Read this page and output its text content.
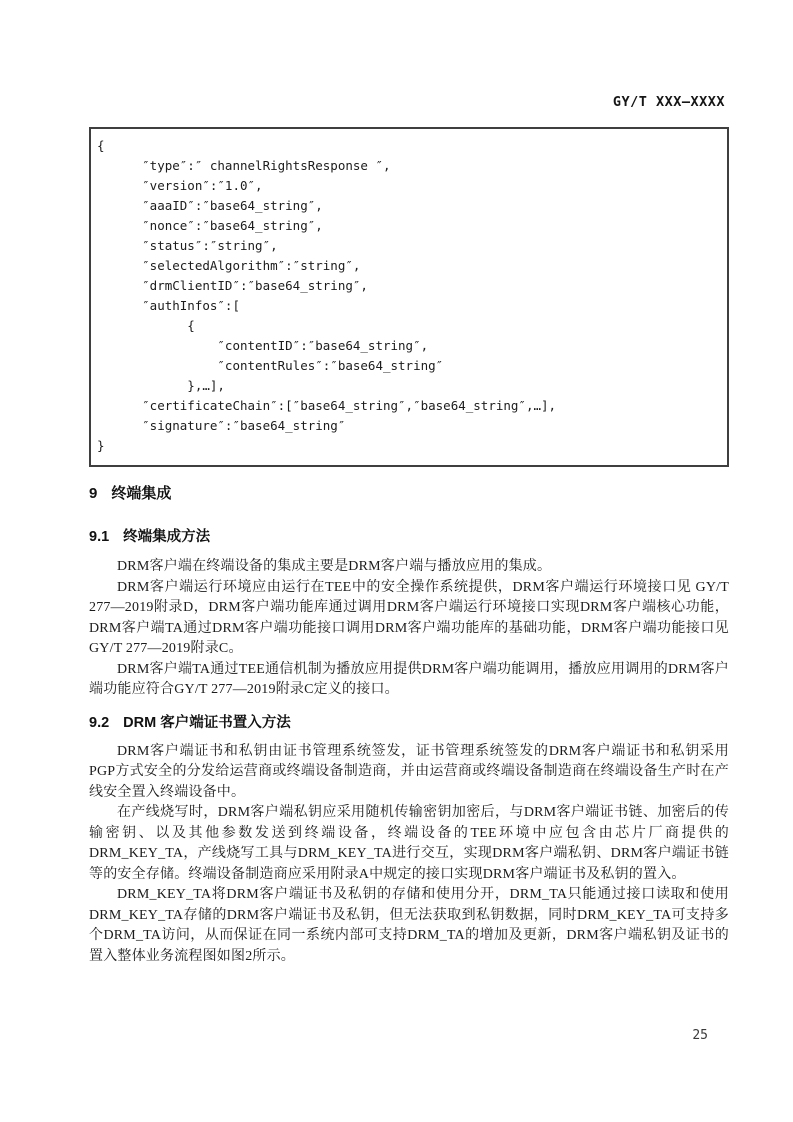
GY/T XXX—XXXX
{
″type″:″ channelRightsResponse ″,
″version″:″1.0″,
″aaaID″:″base64_string″,
″nonce″:″base64_string″,
″status″:″string″,
″selectedAlgorithm″:″string″,
″drmClientID″:″base64_string″,
″authInfos″:[
{
″contentID″:″base64_string″,
″contentRules″:″base64_string″
},…],
″certificateChain″:[″base64_string″,″base64_string″,…],
″signature″:″base64_string″
}
9 终端集成
9.1 终端集成方法

DRM客户端在终端设备的集成主要是DRM客户端与播放应用的集成。

DRM客户端运行环境应由运行在TEE中的安全操作系统提供，DRM客户端运行环境接口见 GY/T 277—2019附录D，DRM客户端功能库通过调用DRM客户端运行环境接口实现DRM客户端核心功能，DRM客户端TA通过DRM客户端功能接口调用DRM客户端功能库的基础功能，DRM客户端功能接口见GY/T 277—2019附录C。

DRM客户端TA通过TEE通信机制为播放应用提供DRM客户端功能调用，播放应用调用的DRM客户端功能应符合GY/T 277—2019附录C定义的接口。

9.2 DRM 客户端证书置入方法

DRM客户端证书和私钥由证书管理系统签发，证书管理系统签发的DRM客户端证书和私钥采用PGP方式安全的分发给运营商或终端设备制造商，并由运营商或终端设备制造商在终端设备生产时在产线安全置入终端设备中。

在产线烧写时，DRM客户端私钥应采用随机传输密钥加密后，与DRM客户端证书链、加密后的传输密钥、以及其他参数发送到终端设备，终端设备的TEE环境中应包含由芯片厂商提供的DRM_KEY_TA，产线烧写工具与DRM_KEY_TA进行交互，实现DRM客户端私钥、DRM客户端证书链等的安全存储。终端设备制造商应采用附录A中规定的接口实现DRM客户端证书及私钥的置入。

DRM_KEY_TA将DRM客户端证书及私钥的存储和使用分开，DRM_TA只能通过接口读取和使用DRM_KEY_TA存储的DRM客户端证书及私钥，但无法获取到私钥数据，同时DRM_KEY_TA可支持多个DRM_TA访问，从而保证在同一系统内部可支持DRM_TA的增加及更新，DRM客户端私钥及证书的置入整体业务流程图如图2所示。

25
